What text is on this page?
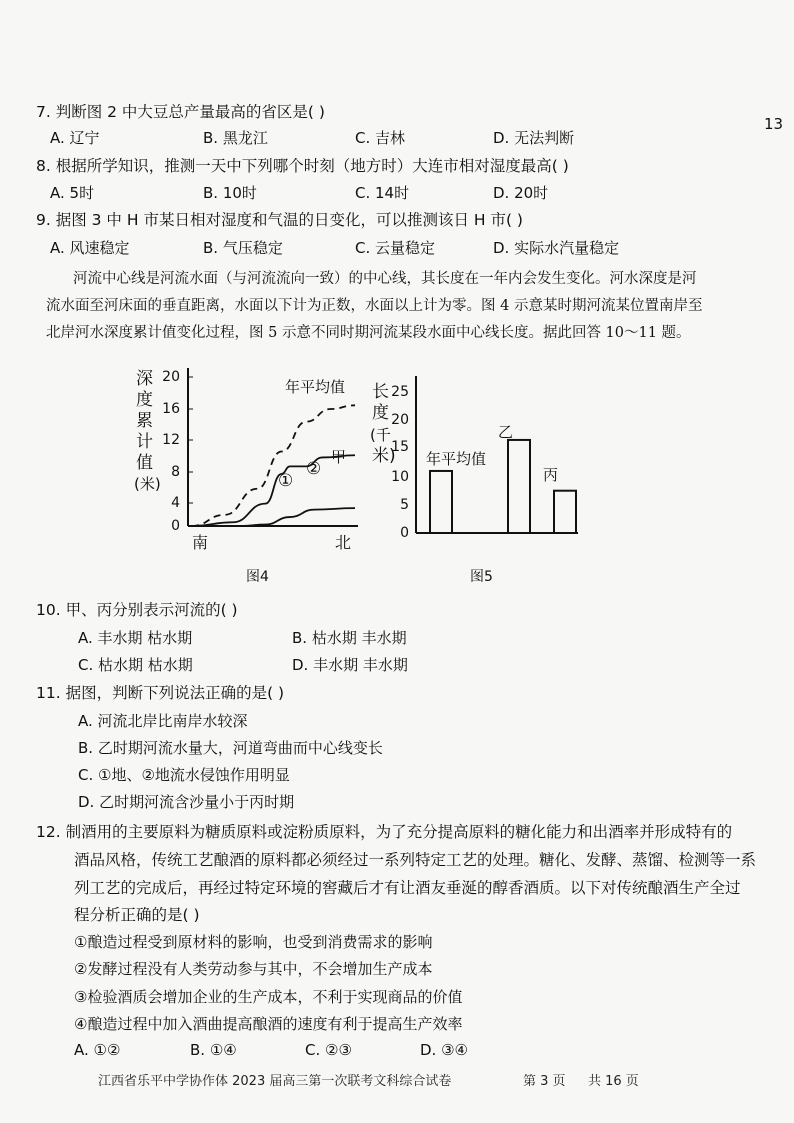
13
7. 判断图 2 中大豆总产量最高的省区是( )
A. 辽宁	B. 黑龙江	C. 吉林	D. 无法判断
8. 根据所学知识，推测一天中下列哪个时刻（地方时）大连市相对湿度最高( )
A. 5时	B. 10时	C. 14时	D. 20时
9. 据图 3 中 H 市某日相对湿度和气温的日变化，可以推测该日 H 市( )
A. 风速稳定	B. 气压稳定	C. 云量稳定	D. 实际水汽量稳定
河流中心线是河流水面（与河流流向一致）的中心线，其长度在一年内会发生变化。河水深度是河
流水面至河床面的垂直距离，水面以下计为正数，水面以上计为零。图 4 示意某时期河流某位置南岸至
北岸河水深度累计值变化过程，图 5 示意不同时期河流某段水面中心线长度。据此回答 10～11 题。
深
度
累
计
值
(米)
20
16
12
8
4
0
年平均值
甲
①
②
南	北
图4
长
度
(千
米)
25
20
15
10
5
0
年平均值
乙
丙
图5
10. 甲、丙分别表示河流的( )
A. 丰水期 枯水期	B. 枯水期 丰水期
C. 枯水期 枯水期	D. 丰水期 丰水期
11. 据图，判断下列说法正确的是( )
A. 河流北岸比南岸水较深
B. 乙时期河流水量大，河道弯曲而中心线变长
C. ①地、②地流水侵蚀作用明显
D. 乙时期河流含沙量小于丙时期
12. 制酒用的主要原料为糖质原料或淀粉质原料，为了充分提高原料的糖化能力和出酒率并形成特有的
酒品风格，传统工艺酿酒的原料都必须经过一系列特定工艺的处理。糖化、发酵、蒸馏、检测等一系
列工艺的完成后，再经过特定环境的窖藏后才有让酒友垂涎的醇香酒质。以下对传统酿酒生产全过
程分析正确的是( )
①酿造过程受到原材料的影响，也受到消费需求的影响
②发酵过程没有人类劳动参与其中，不会增加生产成本
③检验酒质会增加企业的生产成本，不利于实现商品的价值
④酿造过程中加入酒曲提高酿酒的速度有利于提高生产效率
A. ①②	B. ①④	C. ②③	D. ③④
江西省乐平中学协作体 2023 届高三第一次联考文科综合试卷	第 3 页 共 16 页
